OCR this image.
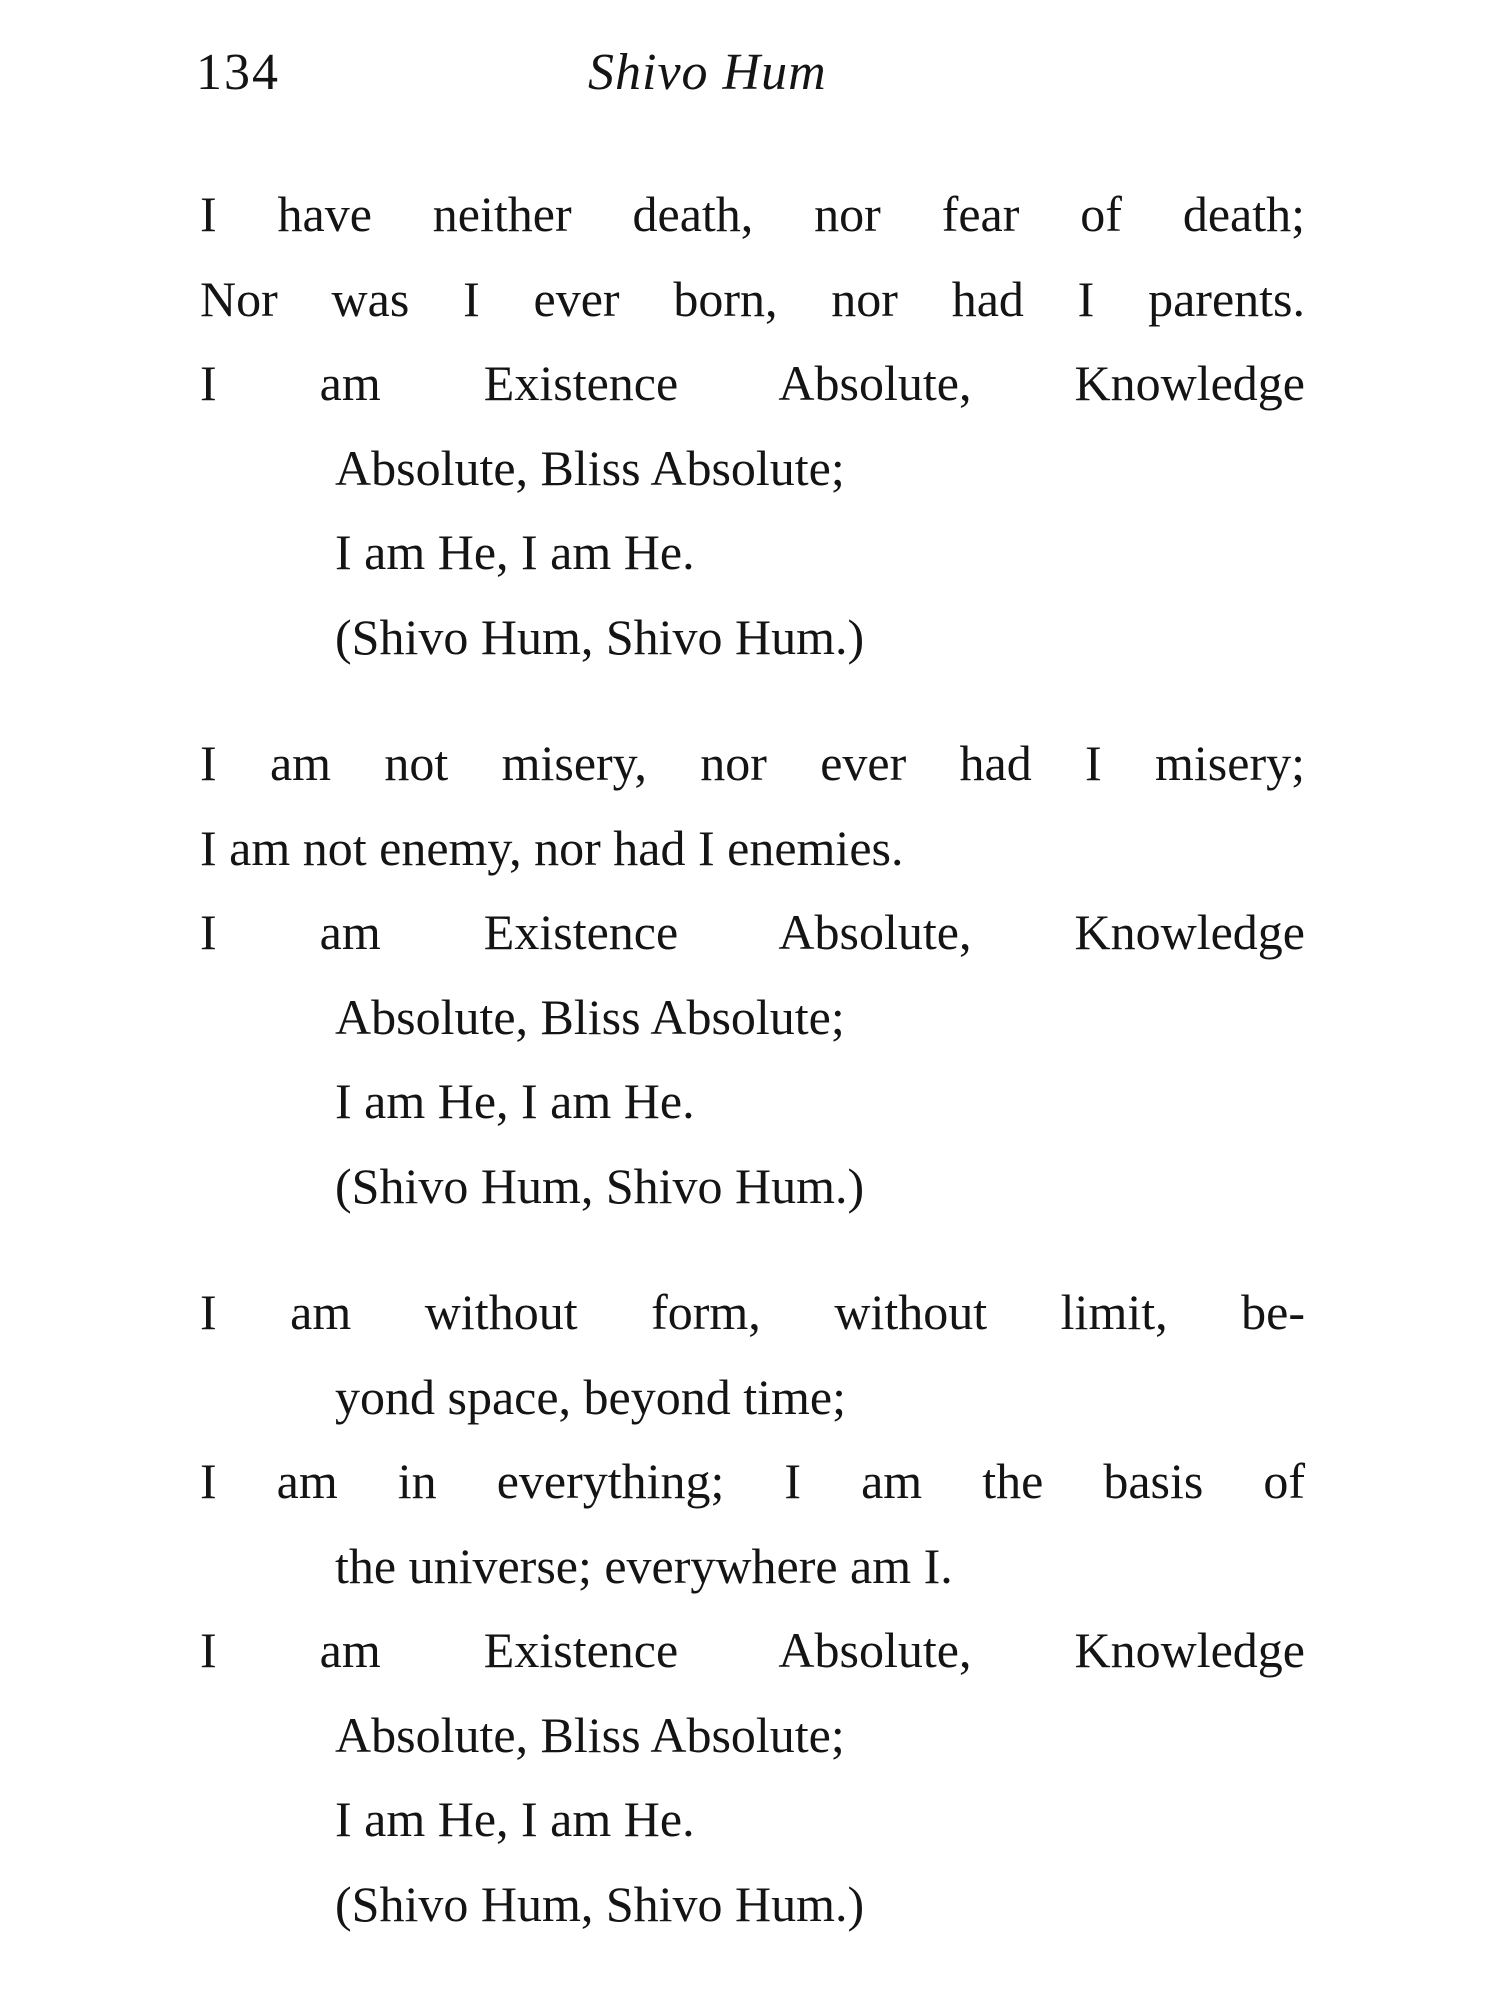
134	Shivo Hum
I have neither death, nor fear of death;
Nor was I ever born, nor had I parents.
I am Existence Absolute, Knowledge
Absolute, Bliss Absolute;
I am He, I am He.
(Shivo Hum, Shivo Hum.)
I am not misery, nor ever had I misery;
I am not enemy, nor had I enemies.
I am Existence Absolute, Knowledge
Absolute, Bliss Absolute;
I am He, I am He.
(Shivo Hum, Shivo Hum.)
I am without form, without limit, be-
yond space, beyond time;
I am in everything; I am the basis of
the universe; everywhere am I.
I am Existence Absolute, Knowledge
Absolute, Bliss Absolute;
I am He, I am He.
(Shivo Hum, Shivo Hum.)
